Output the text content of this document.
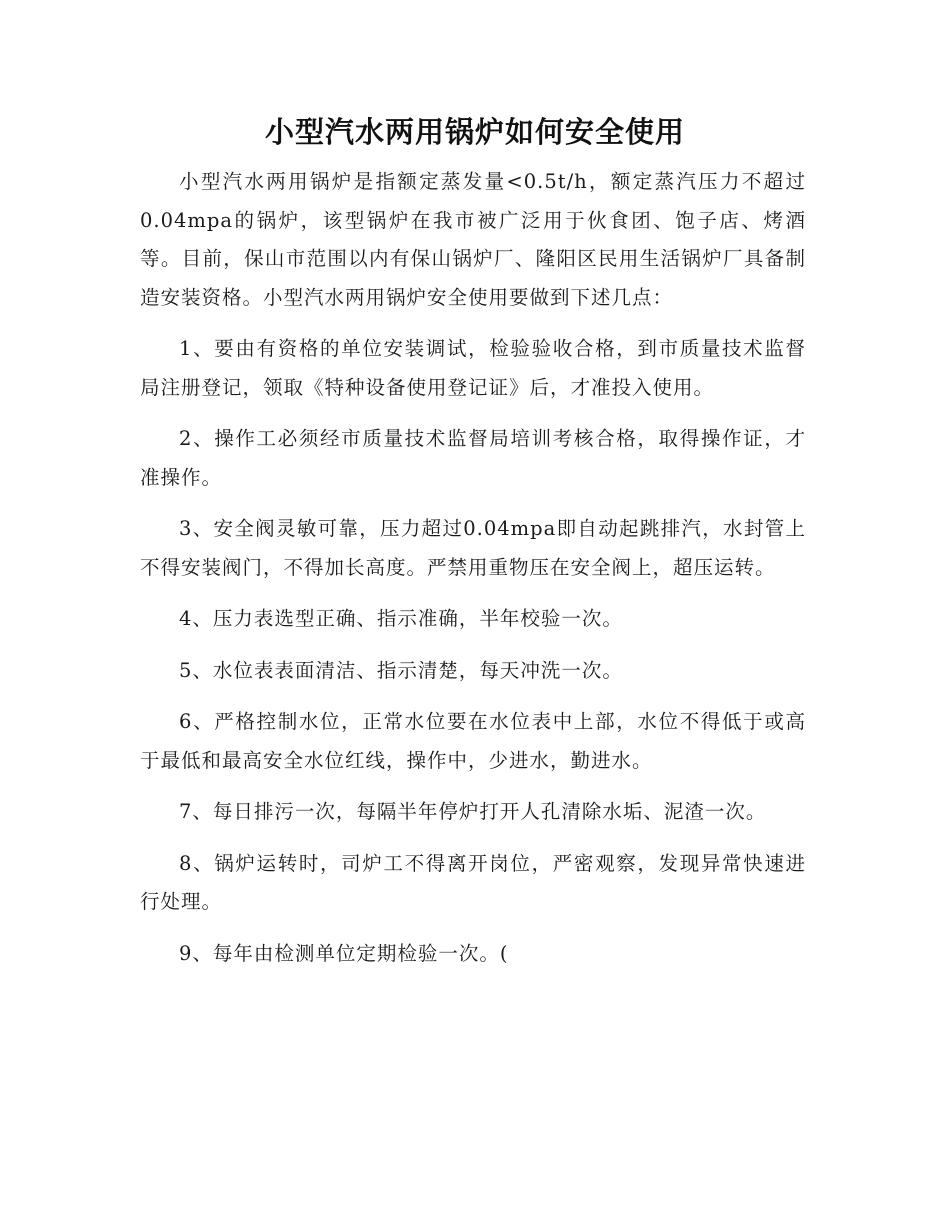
小型汽水两用锅炉如何安全使用

小型汽水两用锅炉是指额定蒸发量<0.5t/h，额定蒸汽压力不超过0.04mpa的锅炉，该型锅炉在我市被广泛用于伙食团、饱子店、烤酒等。目前，保山市范围以内有保山锅炉厂、隆阳区民用生活锅炉厂具备制造安装资格。小型汽水两用锅炉安全使用要做到下述几点：

1、要由有资格的单位安装调试，检验验收合格，到市质量技术监督局注册登记，领取《特种设备使用登记证》后，才准投入使用。

2、操作工必须经市质量技术监督局培训考核合格，取得操作证，才准操作。

3、安全阀灵敏可靠，压力超过0.04mpa即自动起跳排汽，水封管上不得安装阀门，不得加长高度。严禁用重物压在安全阀上，超压运转。

4、压力表选型正确、指示准确，半年校验一次。

5、水位表表面清洁、指示清楚，每天冲洗一次。

6、严格控制水位，正常水位要在水位表中上部，水位不得低于或高于最低和最高安全水位红线，操作中，少进水，勤进水。

7、每日排污一次，每隔半年停炉打开人孔清除水垢、泥渣一次。

8、锅炉运转时，司炉工不得离开岗位，严密观察，发现异常快速进行处理。

9、每年由检测单位定期检验一次。(
